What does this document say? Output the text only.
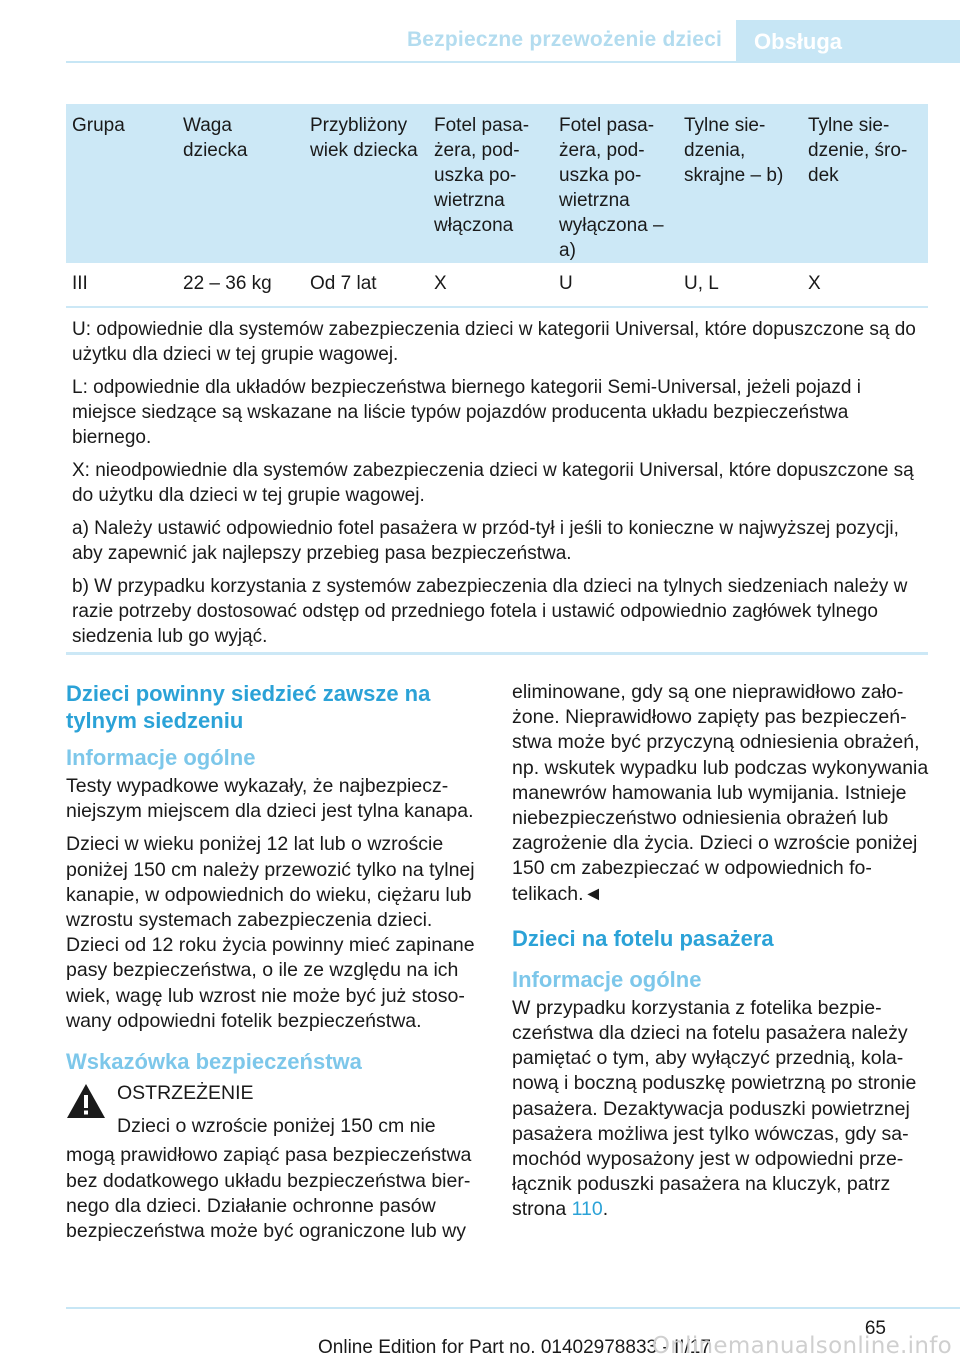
Bezpieczne przewożenie dzieci	Obsługa
Grupa	Waga dziecka	Przybliżony wiek dziecka	Fotel pasażera, poduszka powietrzna włączona	Fotel pasażera, poduszka powietrzna wyłączona – a)	Tylne siedzenia, skrajne – b)	Tylne siedzenie, środek
III	22 – 36 kg	Od 7 lat	X	U	U, L	X

U: odpowiednie dla systemów zabezpieczenia dzieci w kategorii Universal, które dopuszczone są do użytku dla dzieci w tej grupie wagowej.

L: odpowiednie dla układów bezpieczeństwa biernego kategorii Semi-Universal, jeżeli pojazd i miejsce siedzące są wskazane na liście typów pojazdów producenta układu bezpieczeństwa biernego.

X: nieodpowiednie dla systemów zabezpieczenia dzieci w kategorii Universal, które dopuszczone są do użytku dla dzieci w tej grupie wagowej.

a) Należy ustawić odpowiednio fotel pasażera w przód-tył i jeśli to konieczne w najwyższej pozycji, aby zapewnić jak najlepszy przebieg pasa bezpieczeństwa.

b) W przypadku korzystania z systemów zabezpieczenia dla dzieci na tylnych siedzeniach należy w razie potrzeby dostosować odstęp od przedniego fotela i ustawić odpowiednio zagłówek tylnego siedzenia lub go wyjąć.

Dzieci powinny siedzieć zawsze na tylnym siedzeniu
Informacje ogólne

Testy wypadkowe wykazały, że najbezpieczniejszym miejscem dla dzieci jest tylna kanapa.

Dzieci w wieku poniżej 12 lat lub o wzroście poniżej 150 cm należy przewozić tylko na tylnej kanapie, w odpowiednich do wieku, ciężaru lub wzrostu systemach zabezpieczenia dzieci. Dzieci od 12 roku życia powinny mieć zapinane pasy bezpieczeństwa, o ile ze względu na ich wiek, wagę lub wzrost nie może być już stosowany odpowiedni fotelik bezpieczeństwa.

Wskazówka bezpieczeństwa
OSTRZEŻENIE
Dzieci o wzroście poniżej 150 cm nie

mogą prawidłowo zapiąć pasa bezpieczeństwa bez dodatkowego układu bezpieczeństwa biernego dla dzieci. Działanie ochronne pasów bezpieczeństwa może być ograniczone lub wy

eliminowane, gdy są one nieprawidłowo założone. Nieprawidłowo zapięty pas bezpieczeństwa może być przyczyną odniesienia obrażeń, np. wskutek wypadku lub podczas wykonywania manewrów hamowania lub wymijania. Istnieje niebezpieczeństwo odniesienia obrażeń lub zagrożenie dla życia. Dzieci o wzroście poniżej 150 cm zabezpieczać w odpowiednich fotelikach.◄

Dzieci na fotelu pasażera
Informacje ogólne

W przypadku korzystania z fotelika bezpieczeństwa dla dzieci na fotelu pasażera należy pamiętać o tym, aby wyłączyć przednią, kolanową i boczną poduszkę powietrzną po stronie pasażera. Dezaktywacja poduszki powietrznej pasażera możliwa jest tylko wówczas, gdy samochód wyposażony jest w odpowiedni przełącznik poduszki pasażera na kluczyk, patrz strona 110.

65
Online Edition for Part no. 01402978833 - II/17
Onlinemanualsonline.info
